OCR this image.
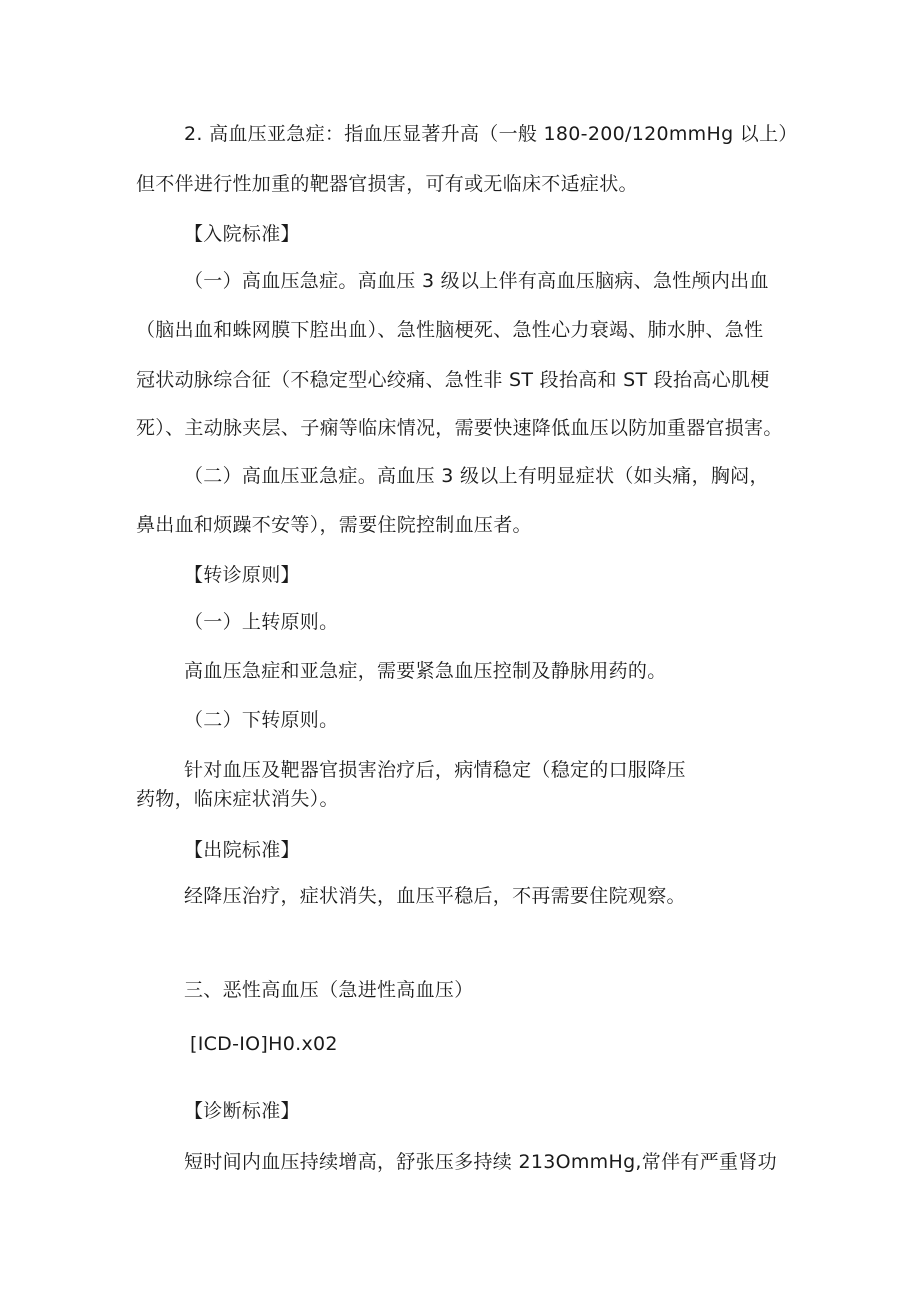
2. 高血压亚急症：指血压显著升高（一般 180-200/120mmHg 以上）
但不伴进行性加重的靶器官损害，可有或无临床不适症状。
【入院标准】
（一）高血压急症。高血压 3 级以上伴有高血压脑病、急性颅内出血
（脑出血和蛛网膜下腔出血）、急性脑梗死、急性心力衰竭、肺水肿、急性
冠状动脉综合征（不稳定型心绞痛、急性非 ST 段抬高和 ST 段抬高心肌梗
死）、主动脉夹层、子痫等临床情况，需要快速降低血压以防加重器官损害。
（二）高血压亚急症。高血压 3 级以上有明显症状（如头痛，胸闷，
鼻出血和烦躁不安等），需要住院控制血压者。
【转诊原则】
（一）上转原则。
高血压急症和亚急症，需要紧急血压控制及静脉用药的。
（二）下转原则。
针对血压及靶器官损害治疗后，病情稳定（稳定的口服降压
药物，临床症状消失）。
【出院标准】
经降压治疗，症状消失，血压平稳后，不再需要住院观察。
三、恶性高血压（急进性高血压）
[ICD-IO]H0.x02
【诊断标准】
短时间内血压持续增高，舒张压多持续 213OmmHg,常伴有严重肾功
